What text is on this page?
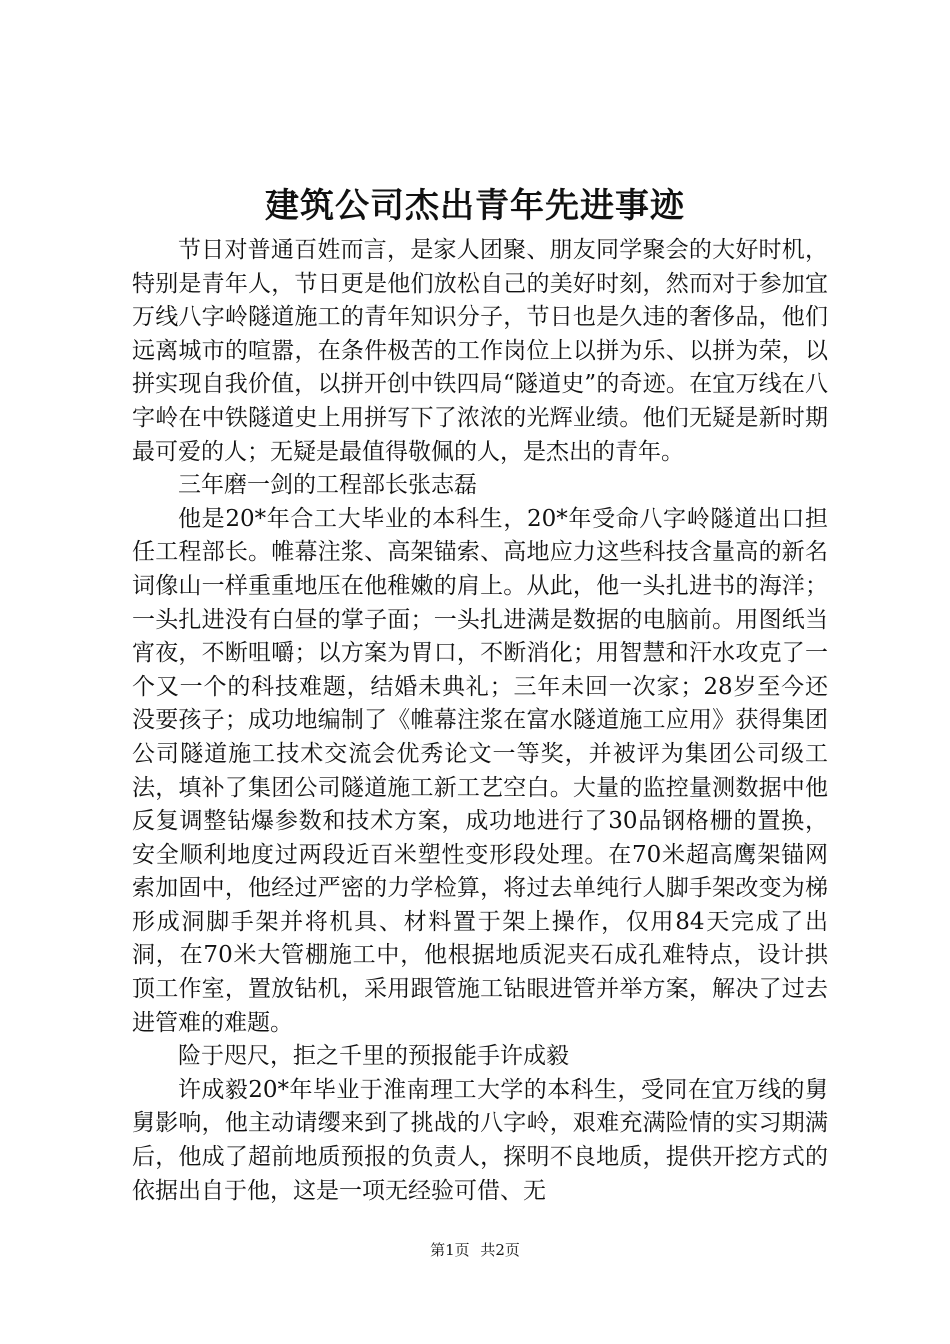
建筑公司杰出青年先进事迹

节日对普通百姓而言，是家人团聚、朋友同学聚会的大好时机，特别是青年人，节日更是他们放松自己的美好时刻，然而对于参加宜万线八字岭隧道施工的青年知识分子，节日也是久违的奢侈品，他们远离城市的喧嚣，在条件极苦的工作岗位上以拼为乐、以拼为荣，以拼实现自我价值，以拼开创中铁四局“隧道史”的奇迹。在宜万线在八字岭在中铁隧道史上用拼写下了浓浓的光辉业绩。他们无疑是新时期最可爱的人；无疑是最值得敬佩的人，是杰出的青年。

三年磨一剑的工程部长张志磊

他是20*年合工大毕业的本科生，20*年受命八字岭隧道出口担任工程部长。帷幕注浆、高架锚索、高地应力这些科技含量高的新名词像山一样重重地压在他稚嫩的肩上。从此，他一头扎进书的海洋；一头扎进没有白昼的掌子面；一头扎进满是数据的电脑前。用图纸当宵夜，不断咀嚼；以方案为胃口，不断消化；用智慧和汗水攻克了一个又一个的科技难题，结婚未典礼；三年未回一次家；28岁至今还没要孩子；成功地编制了《帷幕注浆在富水隧道施工应用》获得集团公司隧道施工技术交流会优秀论文一等奖，并被评为集团公司级工法，填补了集团公司隧道施工新工艺空白。大量的监控量测数据中他反复调整钻爆参数和技术方案，成功地进行了30品钢格栅的置换，安全顺利地度过两段近百米塑性变形段处理。在70米超高鹰架锚网索加固中，他经过严密的力学检算，将过去单纯行人脚手架改变为梯形成洞脚手架并将机具、材料置于架上操作，仅用84天完成了出洞，在70米大管棚施工中，他根据地质泥夹石成孔难特点，设计拱顶工作室，置放钻机，采用跟管施工钻眼进管并举方案，解决了过去进管难的难题。

险于咫尺，拒之千里的预报能手许成毅

许成毅20*年毕业于淮南理工大学的本科生，受同在宜万线的舅舅影响，他主动请缨来到了挑战的八字岭，艰难充满险情的实习期满后，他成了超前地质预报的负责人，探明不良地质，提供开挖方式的依据出自于他，这是一项无经验可借、无

第1页 共2页
